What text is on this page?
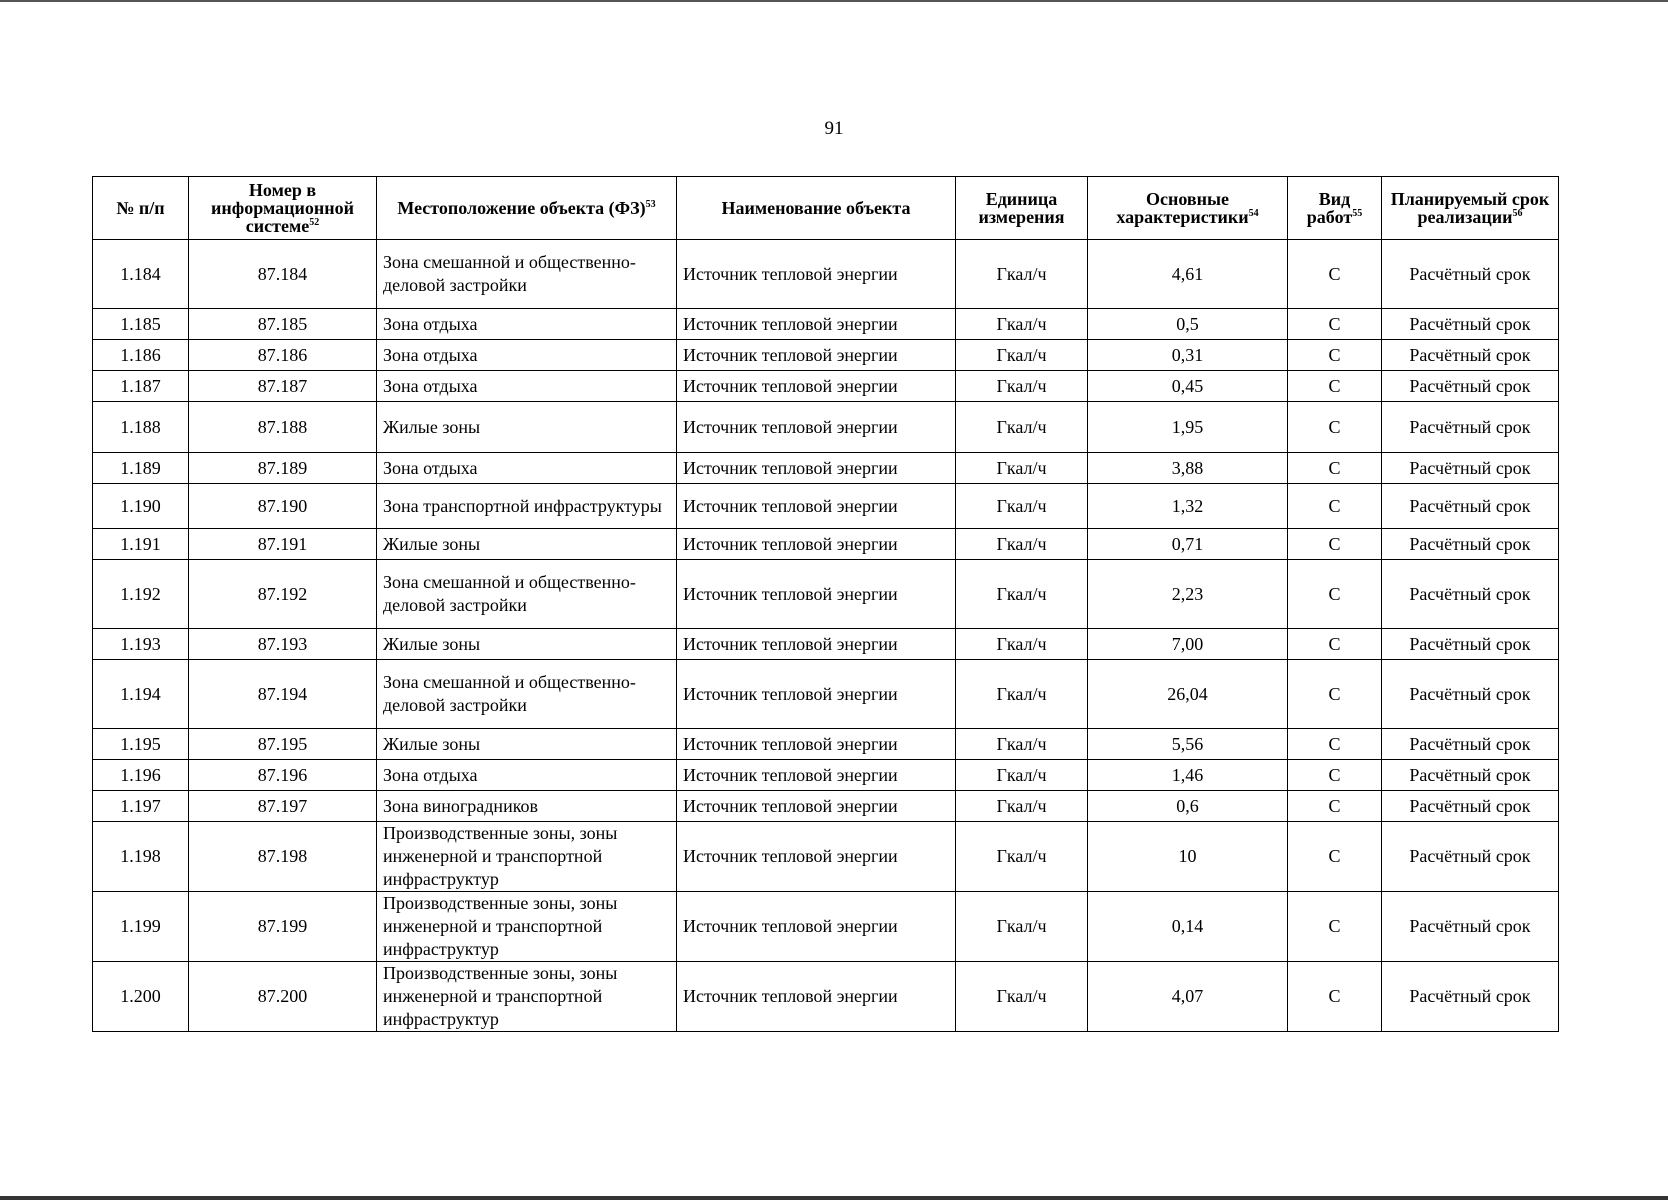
91
№ п/п	Номер в информационной системе$^{52}$	Местоположение объекта (ФЗ)$^{53}$	Наименование объекта	Единица измерения	Основные характеристики$^{54}$	Вид работ$^{55}$	Планируемый срок реализации$^{56}$
1.184	87.184	Зона смешанной и общественно-деловой застройки	Источник тепловой энергии	Гкал/ч	4,61	С	Расчётный срок
1.185	87.185	Зона отдыха	Источник тепловой энергии	Гкал/ч	0,5	С	Расчётный срок
1.186	87.186	Зона отдыха	Источник тепловой энергии	Гкал/ч	0,31	С	Расчётный срок
1.187	87.187	Зона отдыха	Источник тепловой энергии	Гкал/ч	0,45	С	Расчётный срок
1.188	87.188	Жилые зоны	Источник тепловой энергии	Гкал/ч	1,95	С	Расчётный срок
1.189	87.189	Зона отдыха	Источник тепловой энергии	Гкал/ч	3,88	С	Расчётный срок
1.190	87.190	Зона транспортной инфраструктуры	Источник тепловой энергии	Гкал/ч	1,32	С	Расчётный срок
1.191	87.191	Жилые зоны	Источник тепловой энергии	Гкал/ч	0,71	С	Расчётный срок
1.192	87.192	Зона смешанной и общественно-деловой застройки	Источник тепловой энергии	Гкал/ч	2,23	С	Расчётный срок
1.193	87.193	Жилые зоны	Источник тепловой энергии	Гкал/ч	7,00	С	Расчётный срок
1.194	87.194	Зона смешанной и общественно-деловой застройки	Источник тепловой энергии	Гкал/ч	26,04	С	Расчётный срок
1.195	87.195	Жилые зоны	Источник тепловой энергии	Гкал/ч	5,56	С	Расчётный срок
1.196	87.196	Зона отдыха	Источник тепловой энергии	Гкал/ч	1,46	С	Расчётный срок
1.197	87.197	Зона виноградников	Источник тепловой энергии	Гкал/ч	0,6	С	Расчётный срок
1.198	87.198	Производственные зоны, зоны инженерной и транспортной инфраструктур	Источник тепловой энергии	Гкал/ч	10	С	Расчётный срок
1.199	87.199	Производственные зоны, зоны инженерной и транспортной инфраструктур	Источник тепловой энергии	Гкал/ч	0,14	С	Расчётный срок
1.200	87.200	Производственные зоны, зоны инженерной и транспортной инфраструктур	Источник тепловой энергии	Гкал/ч	4,07	С	Расчётный срок
